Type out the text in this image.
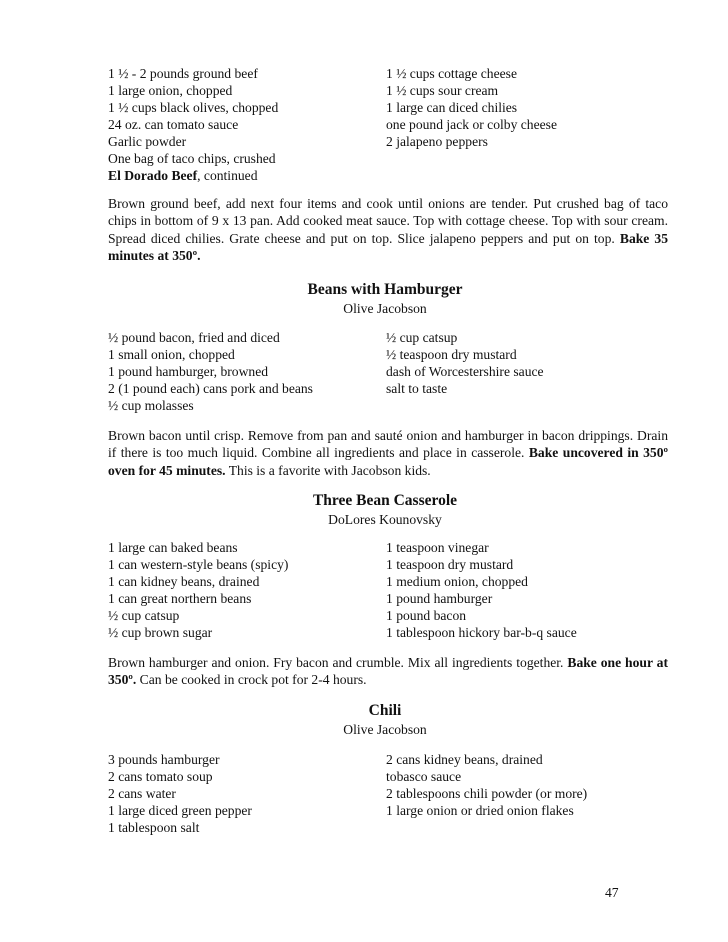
1 ½ - 2 pounds ground beef
1 large onion, chopped
1 ½ cups black olives, chopped
24 oz. can tomato sauce
Garlic powder
One bag of taco chips, crushed
1 ½ cups cottage cheese
1 ½ cups sour cream
1 large can diced chilies
one pound jack or colby cheese
2 jalapeno peppers
El Dorado Beef, continued
Brown ground beef, add next four items and cook until onions are tender. Put crushed bag of taco chips in bottom of 9 x 13 pan. Add cooked meat sauce. Top with cottage cheese. Top with sour cream. Spread diced chilies. Grate cheese and put on top. Slice jalapeno peppers and put on top. Bake 35 minutes at 350º.
Beans with Hamburger
Olive Jacobson
½ pound bacon, fried and diced
1 small onion, chopped
1 pound hamburger, browned
2 (1 pound each) cans pork and beans
½ cup molasses
½ cup catsup
½ teaspoon dry mustard
dash of Worcestershire sauce
salt to taste
Brown bacon until crisp. Remove from pan and sauté onion and hamburger in bacon drippings. Drain if there is too much liquid. Combine all ingredients and place in casserole. Bake uncovered in 350º oven for 45 minutes. This is a favorite with Jacobson kids.
Three Bean Casserole
DoLores Kounovsky
1 large can baked beans
1 can western-style beans (spicy)
1 can kidney beans, drained
1 can great northern beans
½ cup catsup
½ cup brown sugar
1 teaspoon vinegar
1 teaspoon dry mustard
1 medium onion, chopped
1 pound hamburger
1 pound bacon
1 tablespoon hickory bar-b-q sauce
Brown hamburger and onion. Fry bacon and crumble. Mix all ingredients together. Bake one hour at 350º. Can be cooked in crock pot for 2-4 hours.
Chili
Olive Jacobson
3 pounds hamburger
2 cans tomato soup
2 cans water
1 large diced green pepper
1 tablespoon salt
2 cans kidney beans, drained
tobasco sauce
2 tablespoons chili powder (or more)
1 large onion or dried onion flakes
47
